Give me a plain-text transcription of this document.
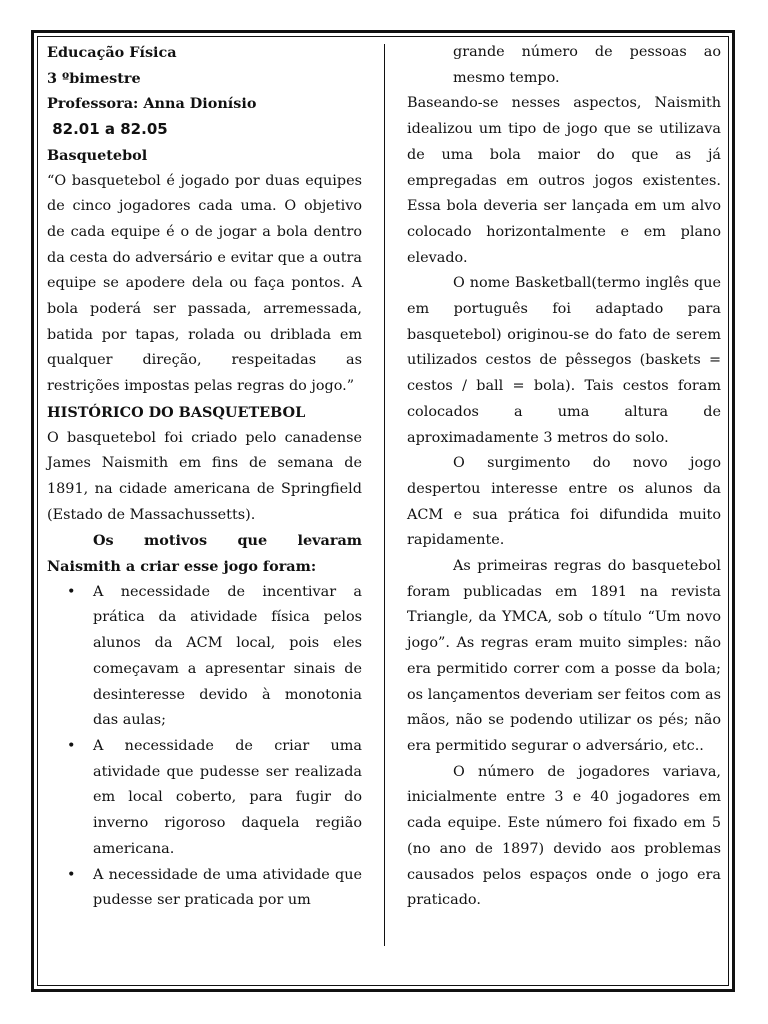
Educação Física

3 ºbimestre

Professora: Anna Dionísio

82.01 a 82.05

Basquetebol

“O basquetebol é jogado por duas equipes de cinco jogadores cada uma. O objetivo de cada equipe é o de jogar a bola dentro da cesta do adversário e evitar que a outra equipe se apodere dela ou faça pontos. A bola poderá ser passada, arremessada, batida por tapas, rolada ou driblada em qualquer direção, respeitadas as restrições impostas pelas regras do jogo.”

HISTÓRICO DO BASQUETEBOL

O basquetebol foi criado pelo canadense James Naismith em fins de semana de 1891, na cidade americana de Springfield (Estado de Massachussetts).

Os motivos que levaram

Naismith a criar esse jogo foram:

• A necessidade de incentivar a prática da atividade física pelos alunos da ACM local, pois eles começavam a apresentar sinais de desinteresse devido à monotonia das aulas;
• A necessidade de criar uma atividade que pudesse ser realizada em local coberto, para fugir do inverno rigoroso daquela região americana.
• A necessidade de uma atividade que pudesse ser praticada por um

grande número de pessoas ao mesmo tempo.

Baseando-se nesses aspectos, Naismith idealizou um tipo de jogo que se utilizava de uma bola maior do que as já empregadas em outros jogos existentes. Essa bola deveria ser lançada em um alvo colocado horizontalmente e em plano elevado.

O nome Basketball(termo inglês que em português foi adaptado para basquetebol) originou-se do fato de serem utilizados cestos de pêssegos (baskets = cestos / ball = bola). Tais cestos foram colocados a uma altura de aproximadamente 3 metros do solo.

O surgimento do novo jogo despertou interesse entre os alunos da ACM e sua prática foi difundida muito rapidamente.

As primeiras regras do basquetebol foram publicadas em 1891 na revista Triangle, da YMCA, sob o título “Um novo jogo”. As regras eram muito simples: não era permitido correr com a posse da bola; os lançamentos deveriam ser feitos com as mãos, não se podendo utilizar os pés; não era permitido segurar o adversário, etc..

O número de jogadores variava, inicialmente entre 3 e 40 jogadores em cada equipe. Este número foi fixado em 5 (no ano de 1897) devido aos problemas causados pelos espaços onde o jogo era praticado.
